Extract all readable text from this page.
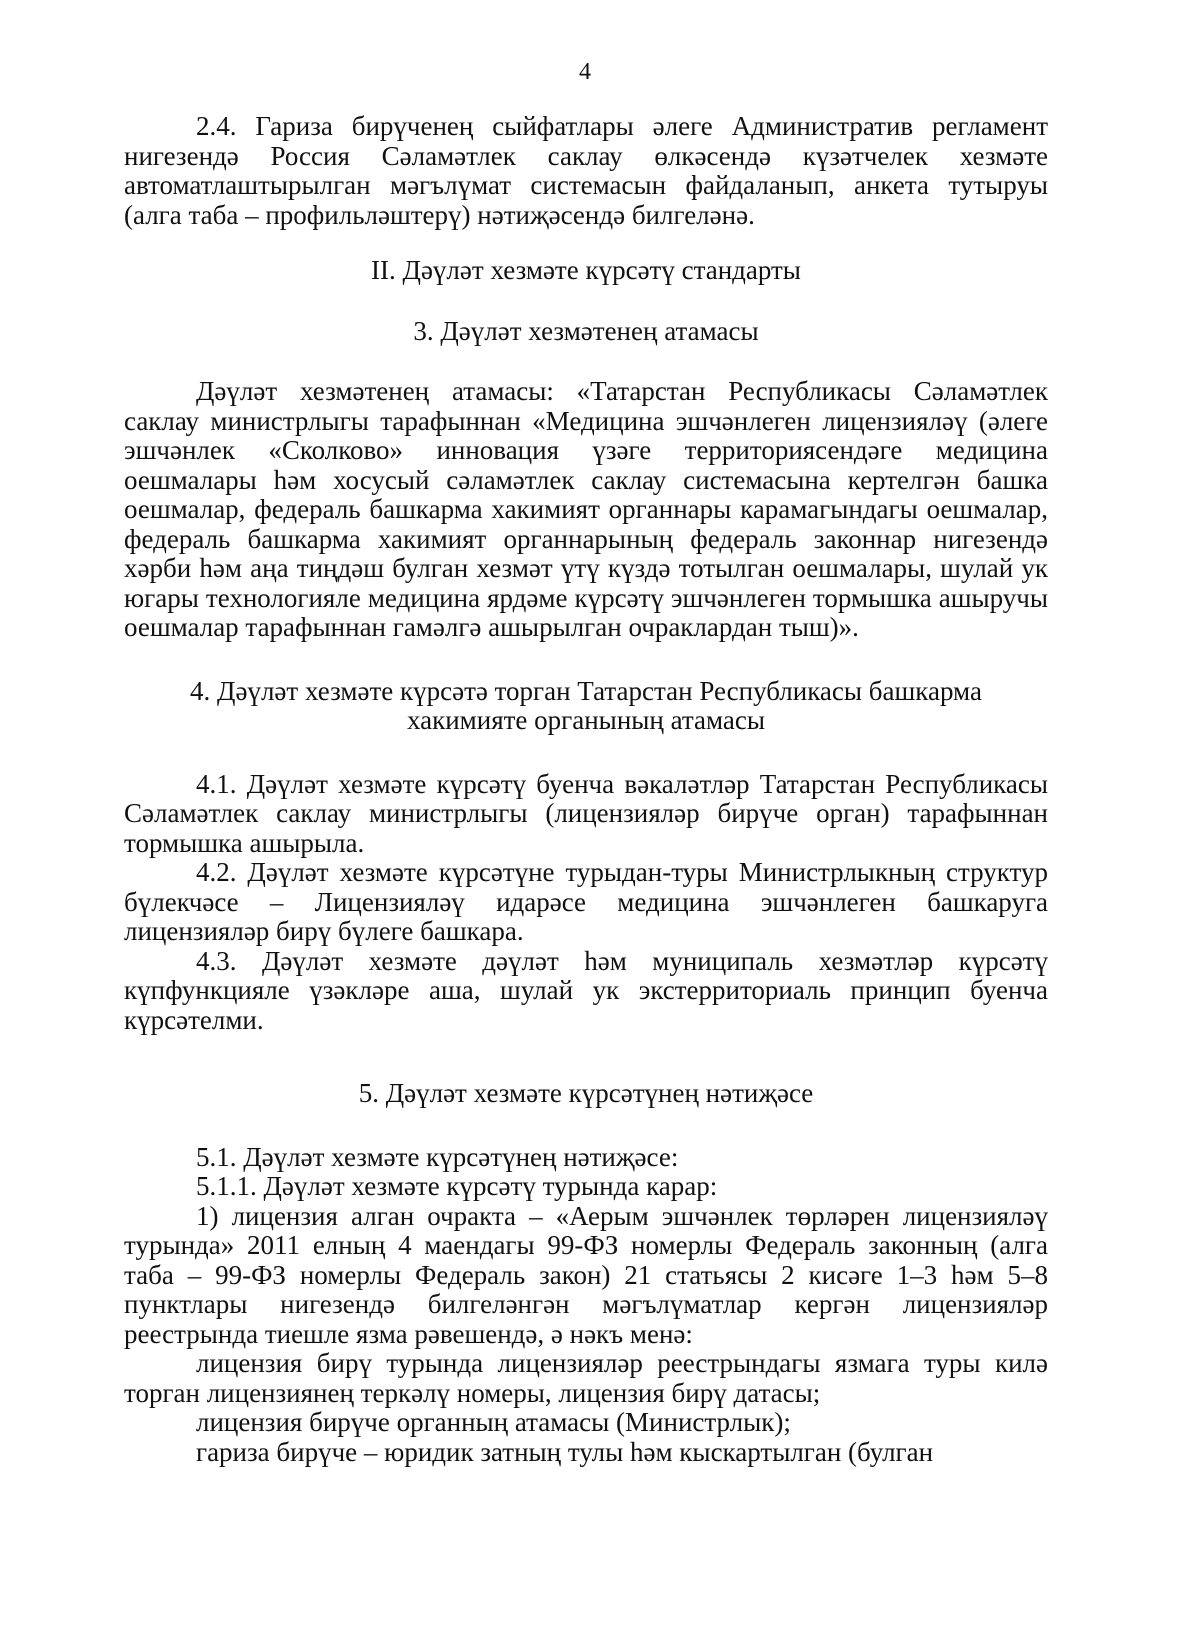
4

2.4. Гариза бирүченең сыйфатлары әлеге Административ регламент нигезендә Россия Сәламәтлек саклау өлкәсендә күзәтчелек хезмәте автоматлаштырылган мәгълүмат системасын файдаланып, анкета тутыруы (алга таба – профильләштерү) нәтиҗәсендә билгеләнә.

II. Дәүләт хезмәте күрсәтү стандарты
3. Дәүләт хезмәтенең атамасы

Дәүләт хезмәтенең атамасы: «Татарстан Республикасы Сәламәтлек саклау министрлыгы тарафыннан «Медицина эшчәнлеген лицензияләү (әлеге эшчәнлек «Сколково» инновация үзәге территориясендәге медицина оешмалары һәм хосусый сәламәтлек саклау системасына кертелгән башка оешмалар, федераль башкарма хакимият органнары карамагындагы оешмалар, федераль башкарма хакимият органнарының федераль законнар нигезендә хәрби һәм аңа тиңдәш булган хезмәт үтү күздә тотылган оешмалары, шулай ук югары технологияле медицина ярдәме күрсәтү эшчәнлеген тормышка ашыручы оешмалар тарафыннан гамәлгә ашырылган очраклардан тыш)».

4. Дәүләт хезмәте күрсәтә торган Татарстан Республикасы башкарма хакимияте органының атамасы

4.1. Дәүләт хезмәте күрсәтү буенча вәкаләтләр Татарстан Республикасы Сәламәтлек саклау министрлыгы (лицензияләр бирүче орган) тарафыннан тормышка ашырыла.

4.2. Дәүләт хезмәте күрсәтүне турыдан-туры Министрлыкның структур бүлекчәсе – Лицензияләү идарәсе медицина эшчәнлеген башкаруга лицензияләр бирү бүлеге башкара.

4.3. Дәүләт хезмәте дәүләт һәм муниципаль хезмәтләр күрсәтү күпфункцияле үзәкләре аша, шулай ук экстерриториаль принцип буенча күрсәтелми.

5. Дәүләт хезмәте күрсәтүнең нәтиҗәсе

5.1. Дәүләт хезмәте күрсәтүнең нәтиҗәсе:

5.1.1. Дәүләт хезмәте күрсәтү турында карар:

1) лицензия алган очракта – «Аерым эшчәнлек төрләрен лицензияләү турында» 2011 елның 4 маендагы 99-ФЗ номерлы Федераль законның (алга таба – 99-ФЗ номерлы Федераль закон) 21 статьясы 2 кисәге 1–3 һәм 5–8 пунктлары нигезендә билгеләнгән мәгълүматлар кергән лицензияләр реестрында тиешле язма рәвешендә, ә нәкъ менә:

лицензия бирү турында лицензияләр реестрындагы язмага туры килә торган лицензиянең теркәлү номеры, лицензия бирү датасы;

лицензия бирүче органның атамасы (Министрлык);

гариза бирүче – юридик затның тулы һәм кыскартылган (булган
